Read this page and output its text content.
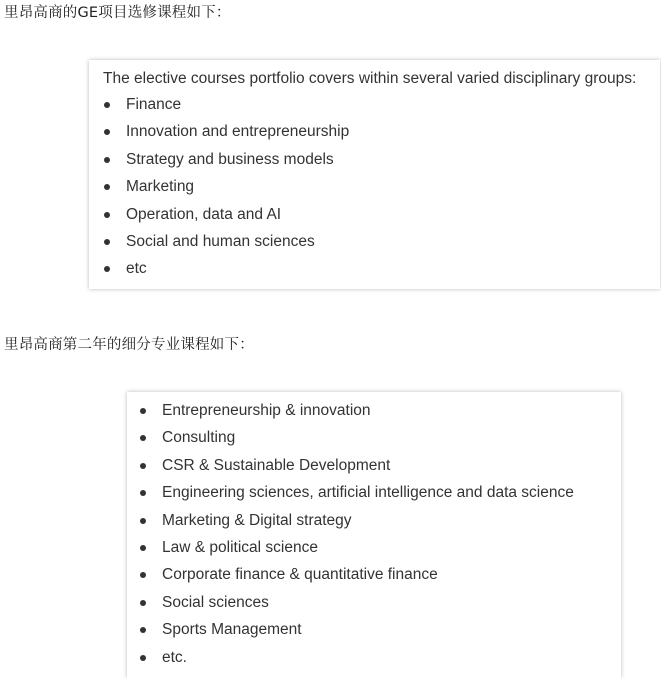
里昂高商的GE项目选修课程如下：
The elective courses portfolio covers within several varied disciplinary groups:
Finance
Innovation and entrepreneurship
Strategy and business models
Marketing
Operation, data and AI
Social and human sciences
etc
里昂高商第二年的细分专业课程如下：
Entrepreneurship & innovation
Consulting
CSR & Sustainable Development
Engineering sciences, artificial intelligence and data science
Marketing & Digital strategy
Law & political science
Corporate finance & quantitative finance
Social sciences
Sports Management
etc.
